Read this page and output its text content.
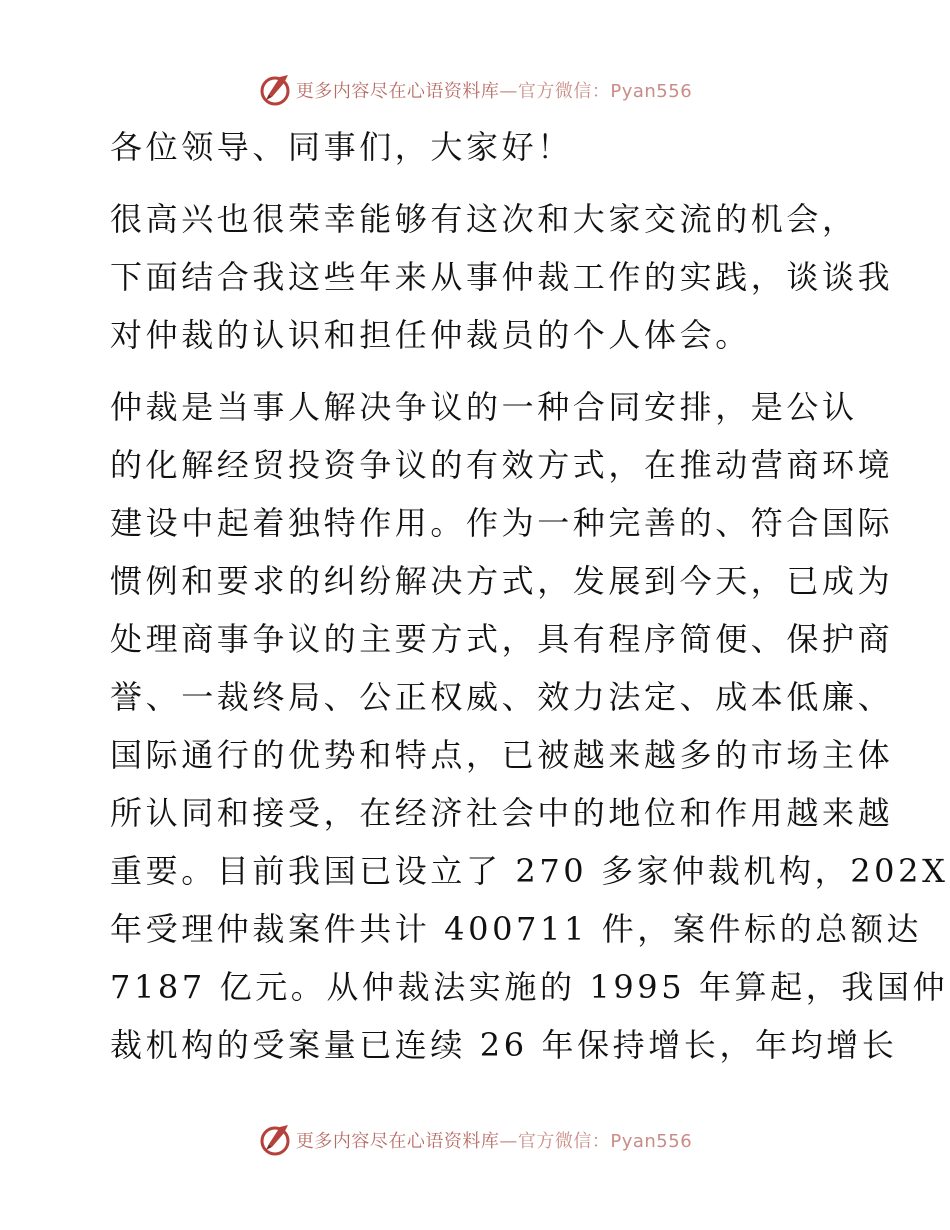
更多内容尽在心语资料库—官方微信：Pyan556
各位领导、同事们，大家好！
很高兴也很荣幸能够有这次和大家交流的机会，
下面结合我这些年来从事仲裁工作的实践，谈谈我
对仲裁的认识和担任仲裁员的个人体会。
仲裁是当事人解决争议的一种合同安排，是公认
的化解经贸投资争议的有效方式，在推动营商环境
建设中起着独特作用。作为一种完善的、符合国际
惯例和要求的纠纷解决方式，发展到今天，已成为
处理商事争议的主要方式，具有程序简便、保护商
誉、一裁终局、公正权威、效力法定、成本低廉、
国际通行的优势和特点，已被越来越多的市场主体
所认同和接受，在经济社会中的地位和作用越来越
重要。目前我国已设立了 270 多家仲裁机构，202X
年受理仲裁案件共计 400711 件，案件标的总额达
7187 亿元。从仲裁法实施的 1995 年算起，我国仲
裁机构的受案量已连续 26 年保持增长，年均增长
更多内容尽在心语资料库—官方微信：Pyan556
